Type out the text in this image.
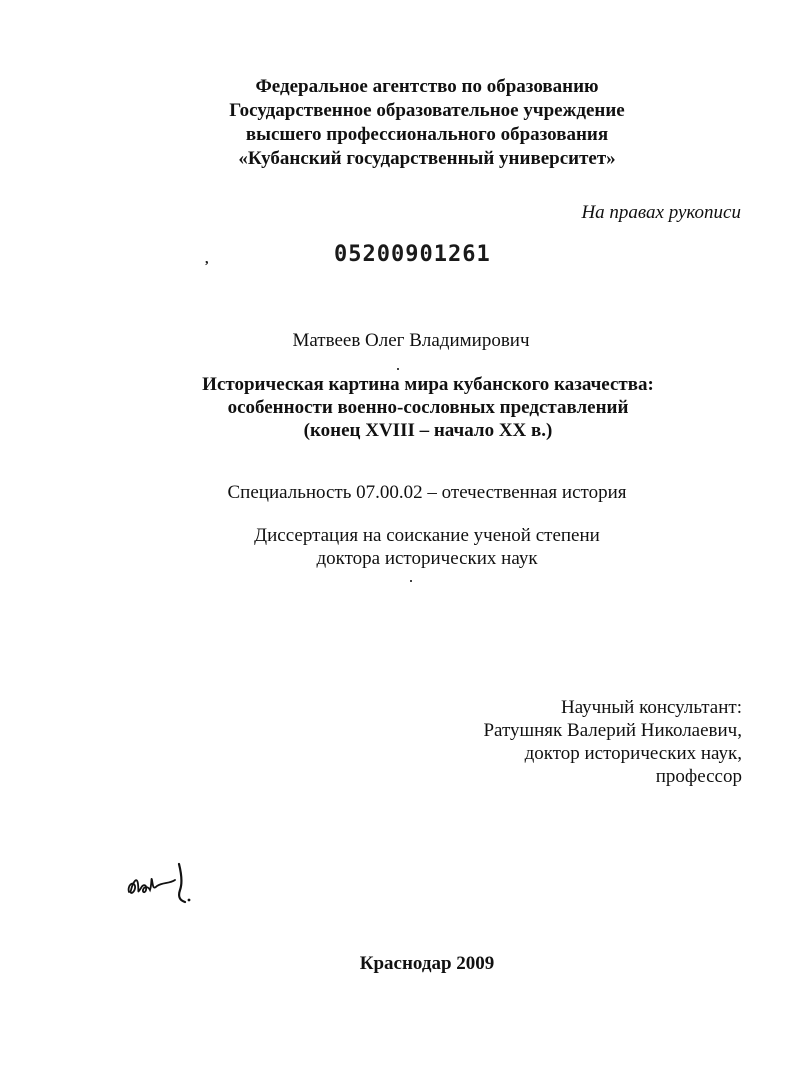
Федеральное агентство по образованию
Государственное образовательное учреждение
высшего профессионального образования
«Кубанский государственный университет»
На правах рукописи
,	05200901261
Матвеев Олег Владимирович
Историческая картина мира кубанского казачества:
особенности военно-сословных представлений
(конец XVIII – начало XX в.)
Специальность 07.00.02 – отечественная история
Диссертация на соискание ученой степени
доктора исторических наук
Научный консультант:
Ратушняк Валерий Николаевич,
доктор исторических наук,
профессор
Краснодар 2009
